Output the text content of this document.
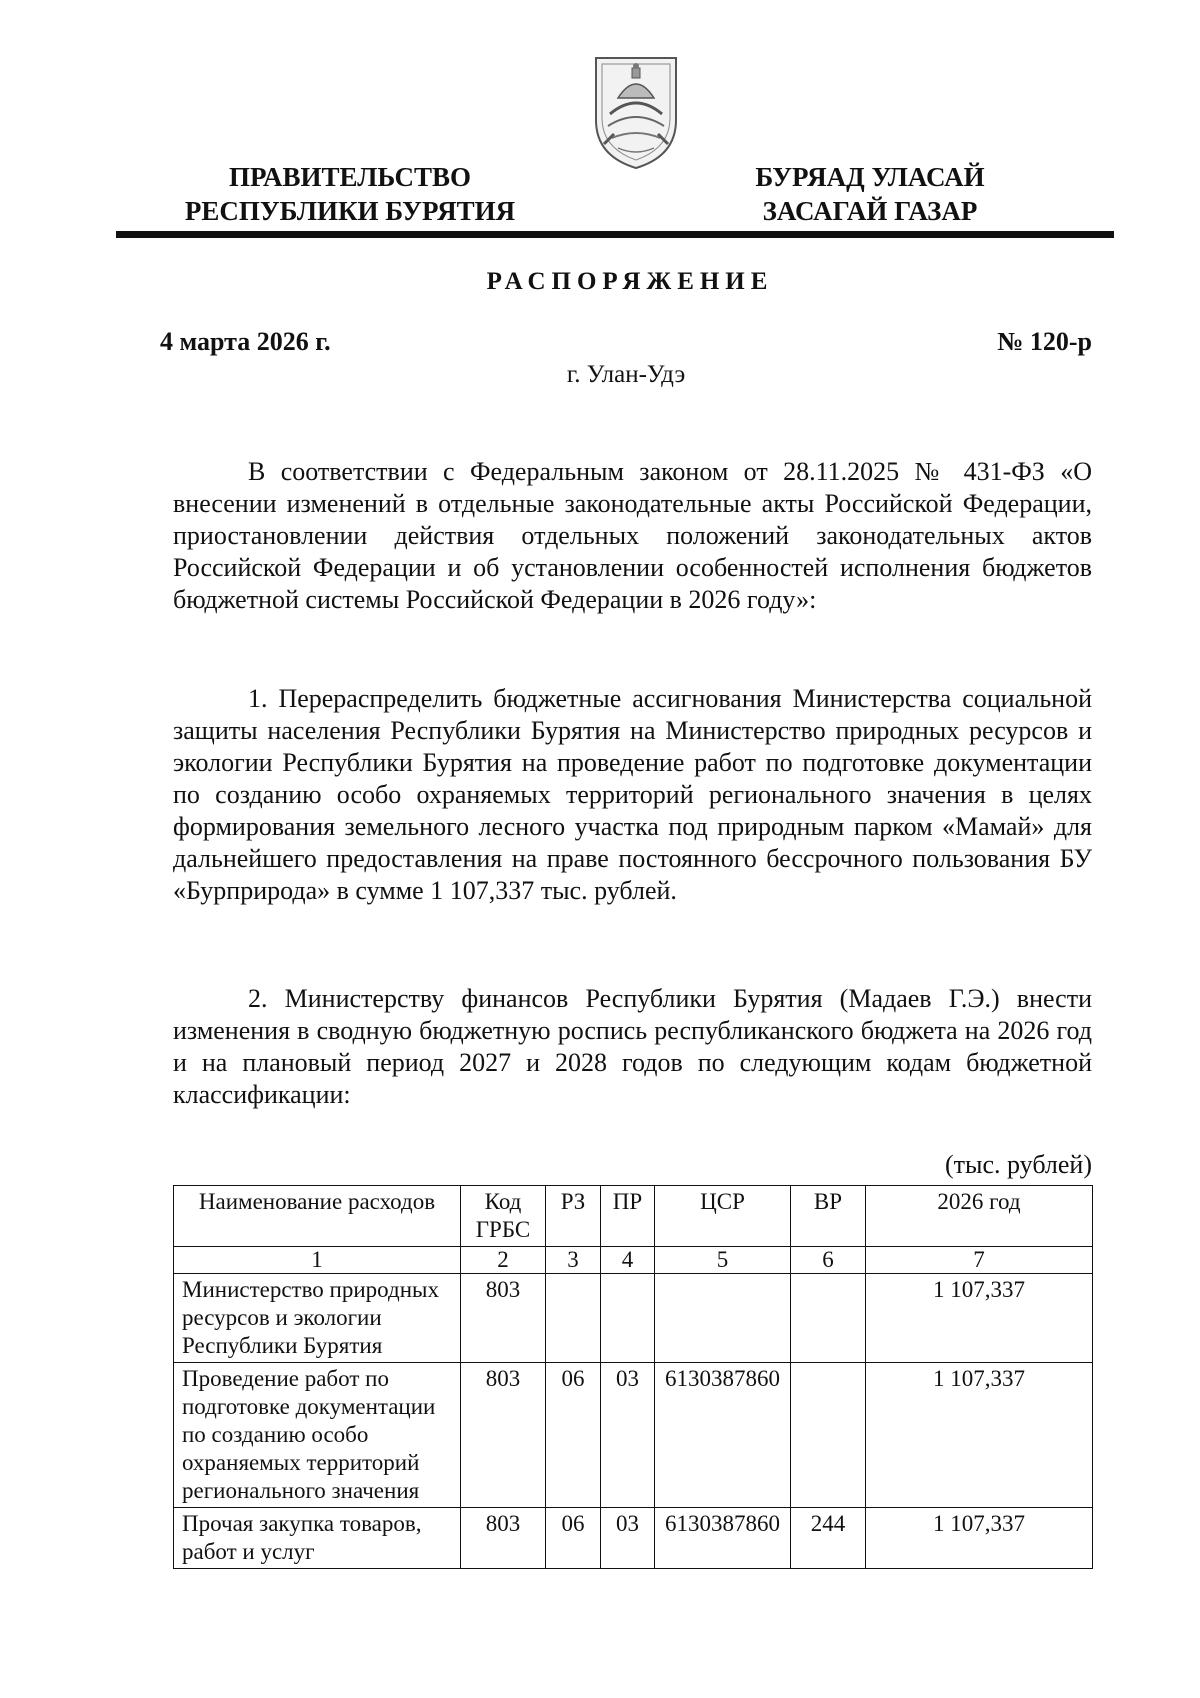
ПРАВИТЕЛЬСТВО
РЕСПУБЛИКИ БУРЯТИЯ
БУРЯАД УЛАСАЙ
ЗАСАГАЙ ГАЗАР
РАСПОРЯЖЕНИЕ
4 марта 2026 г.	№ 120-р
г. Улан-Удэ

В соответствии с Федеральным законом от 28.11.2025 № 431-ФЗ «О внесении изменений в отдельные законодательные акты Российской Федерации, приостановлении действия отдельных положений законодательных актов Российской Федерации и об установлении особенностей исполнения бюджетов бюджетной системы Российской Федерации в 2026 году»:

1. Перераспределить бюджетные ассигнования Министерства социальной защиты населения Республики Бурятия на Министерство природных ресурсов и экологии Республики Бурятия на проведение работ по подготовке документации по созданию особо охраняемых территорий регионального значения в целях формирования земельного лесного участка под природным парком «Мамай» для дальнейшего предоставления на праве постоянного бессрочного пользования БУ «Бурприрода» в сумме 1 107,337 тыс. рублей.

2. Министерству финансов Республики Бурятия (Мадаев Г.Э.) внести изменения в сводную бюджетную роспись республиканского бюджета на 2026 год и на плановый период 2027 и 2028 годов по следующим кодам бюджетной классификации:

(тыс. рублей)
Наименование расходов	Код ГРБС	РЗ	ПР	ЦСР	ВР	2026 год
1	2	3	4	5	6	7
Министерство природных ресурсов и экологии Республики Бурятия	803					1 107,337
Проведение работ по подготовке документации по созданию особо охраняемых территорий регионального значения	803	06	03	6130387860		1 107,337
Прочая закупка товаров, работ и услуг	803	06	03	6130387860	244	1 107,337
